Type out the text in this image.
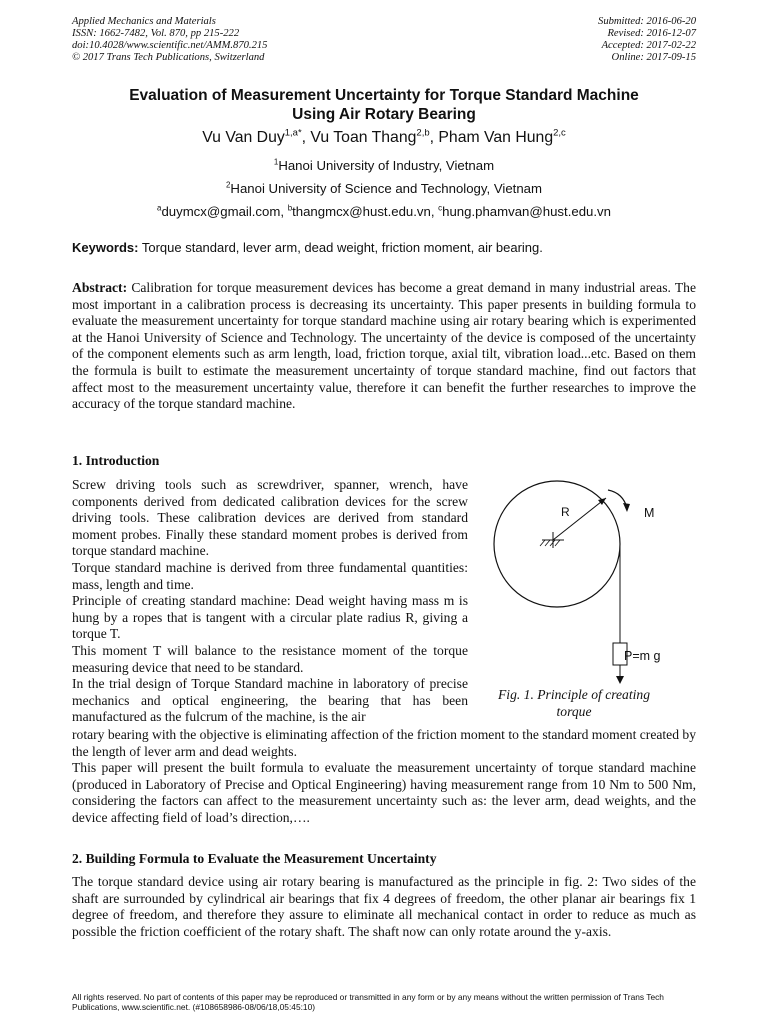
Applied Mechanics and Materials
ISSN: 1662-7482, Vol. 870, pp 215-222
doi:10.4028/www.scientific.net/AMM.870.215
© 2017 Trans Tech Publications, Switzerland
Submitted: 2016-06-20
Revised: 2016-12-07
Accepted: 2017-02-22
Online: 2017-09-15
Evaluation of Measurement Uncertainty for Torque Standard Machine
Using Air Rotary Bearing
Vu Van Duy$^{1,a*}$, Vu Toan Thang$^{2,b}$, Pham Van Hung$^{2,c}$
$^1$Hanoi University of Industry, Vietnam
$^2$Hanoi University of Science and Technology, Vietnam
$^a$duymcx@gmail.com, $^b$thangmcx@hust.edu.vn, $^c$hung.phamvan@hust.edu.vn
Keywords: Torque standard, lever arm, dead weight, friction moment, air bearing.
Abstract: Calibration for torque measurement devices has become a great demand in many industrial areas. The most important in a calibration process is decreasing its uncertainty. This paper presents in building formula to evaluate the measurement uncertainty for torque standard machine using air rotary bearing which is experimented at the Hanoi University of Science and Technology. The uncertainty of the device is composed of the uncertainty of the component elements such as arm length, load, friction torque, axial tilt, vibration load...etc. Based on them the formula is built to estimate the measurement uncertainty of torque standard machine, find out factors that affect most to the measurement uncertainty value, therefore it can benefit the further researches to improve the accuracy of the torque standard machine.
1. Introduction

Screw driving tools such as screwdriver, spanner, wrench, have components derived from dedicated calibration devices for the screw driving tools. These calibration devices are derived from standard moment probes. Finally these standard moment probes is derived from torque standard machine.

Torque standard machine is derived from three fundamental quantities: mass, length and time.

Principle of creating standard machine: Dead weight having mass m is hung by a ropes that is tangent with a circular plate radius R, giving a torque T.

This moment T will balance to the resistance moment of the torque measuring device that need to be standard.

In the trial design of Torque Standard machine in laboratory of precise mechanics and optical engineering, the bearing that has been manufactured as the fulcrum of the machine, is the air

rotary bearing with the objective is eliminating affection of the friction moment to the standard moment created by the length of lever arm and dead weights.

This paper will present the built formula to evaluate the measurement uncertainty of torque standard machine (produced in Laboratory of Precise and Optical Engineering) having measurement range from 10 Nm to 500 Nm, considering the factors can affect to the measurement uncertainty such as: the lever arm, dead weights, and the device affecting field of load’s direction,….

R	M
P=m g
Fig. 1. Principle of creating torque
2. Building Formula to Evaluate the Measurement Uncertainty
The torque standard device using air rotary bearing is manufactured as the principle in fig. 2: Two sides of the shaft are surrounded by cylindrical air bearings that fix 4 degrees of freedom, the other planar air bearings fix 1 degree of freedom, and therefore they assure to eliminate all mechanical contact in order to reduce as much as possible the friction coefficient of the rotary shaft. The shaft now can only rotate around the y-axis.
All rights reserved. No part of contents of this paper may be reproduced or transmitted in any form or by any means without the written permission of Trans Tech Publications, www.scientific.net. (#108658986-08/06/18,05:45:10)
